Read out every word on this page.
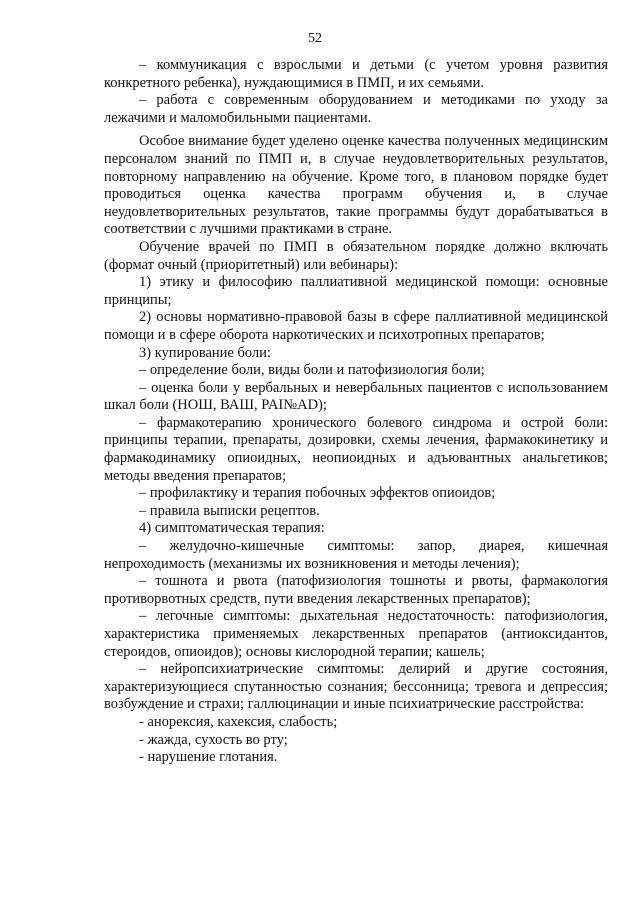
52

– коммуникация с взрослыми и детьми (с учетом уровня развития конкретного ребенка), нуждающимися в ПМП, и их семьями.

– работа с современным оборудованием и методиками по уходу за лежачими и маломобильными пациентами.

Особое внимание будет уделено оценке качества полученных медицинским персоналом знаний по ПМП и, в случае неудовлетворительных результатов, повторному направлению на обучение. Кроме того, в плановом порядке будет проводиться оценка качества программ обучения и, в случае неудовлетворительных результатов, такие программы будут дорабатываться в соответствии с лучшими практиками в стране.

Обучение врачей по ПМП в обязательном порядке должно включать (формат очный (приоритетный) или вебинары):

1) этику и философию паллиативной медицинской помощи: основные принципы;

2) основы нормативно-правовой базы в сфере паллиативной медицинской помощи и в сфере оборота наркотических и психотропных препаратов;

3) купирование боли:

– определение боли, виды боли и патофизиология боли;

– оценка боли у вербальных и невербальных пациентов с использованием шкал боли (НОШ, ВАШ, PAI№AD);

– фармакотерапию хронического болевого синдрома и острой боли: принципы терапии, препараты, дозировки, схемы лечения, фармакокинетику и фармакодинамику опиоидных, неопиоидных и адъювантных анальгетиков; методы введения препаратов;

– профилактику и терапия побочных эффектов опиоидов;

– правила выписки рецептов.

4) симптоматическая терапия:

– желудочно-кишечные симптомы: запор, диарея, кишечная непроходимость (механизмы их возникновения и методы лечения);

– тошнота и рвота (патофизиология тошноты и рвоты, фармакология противорвотных средств, пути введения лекарственных препаратов);

– легочные симптомы: дыхательная недостаточность: патофизиология, характеристика применяемых лекарственных препаратов (антиоксидантов, стероидов, опиоидов); основы кислородной терапии; кашель;

– нейропсихиатрические симптомы: делирий и другие состояния, характеризующиеся спутанностью сознания; бессонница; тревога и депрессия; возбуждение и страхи; галлюцинации и иные психиатрические расстройства:

- анорексия, кахексия, слабость;

- жажда, сухость во рту;

- нарушение глотания.
